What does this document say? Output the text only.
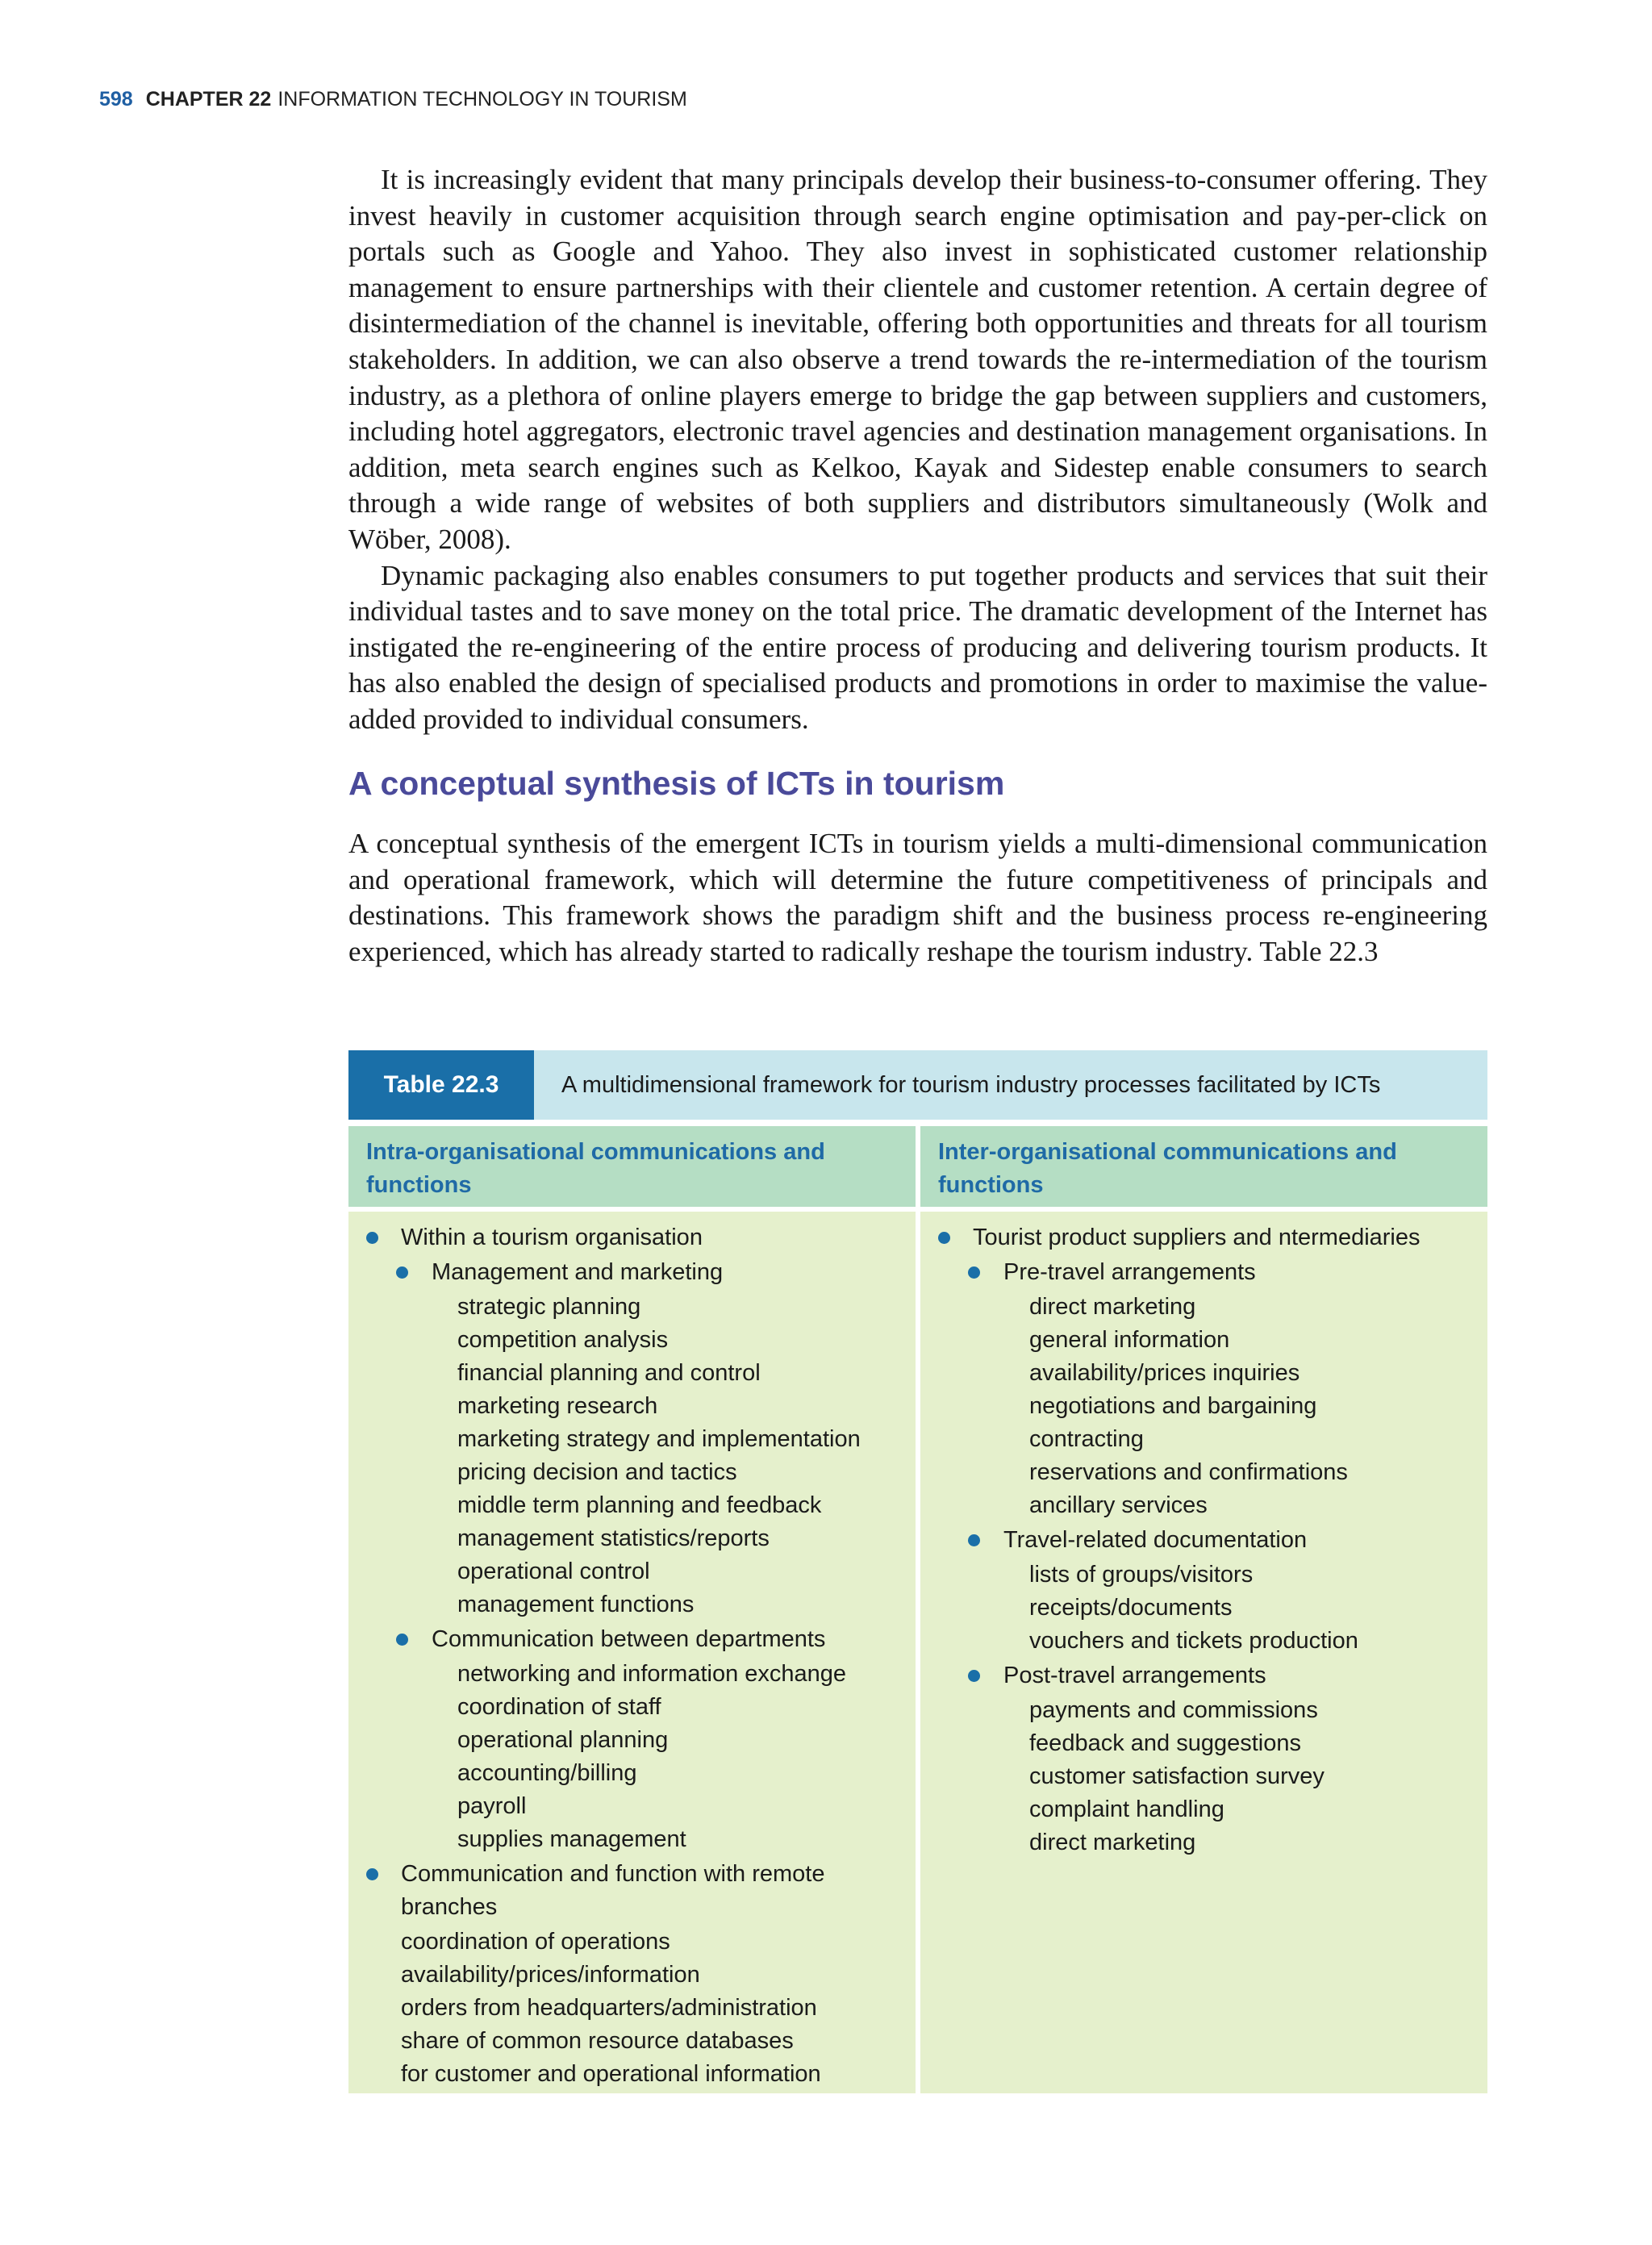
598 CHAPTER 22 INFORMATION TECHNOLOGY IN TOURISM

It is increasingly evident that many principals develop their business-to-consumer offering. They invest heavily in customer acquisition through search engine optimisation and pay-per-click on portals such as Google and Yahoo. They also invest in sophisticated customer relationship management to ensure partnerships with their clientele and customer retention. A certain degree of disintermediation of the channel is inevitable, offering both opportunities and threats for all tourism stakeholders. In addition, we can also observe a trend towards the re-intermediation of the tourism industry, as a plethora of online players emerge to bridge the gap between suppliers and customers, including hotel aggregators, electronic travel agencies and destination management organisations. In addition, meta search engines such as Kelkoo, Kayak and Sidestep enable consumers to search through a wide range of websites of both suppliers and distributors simultaneously (Wolk and Wöber, 2008).

Dynamic packaging also enables consumers to put together products and services that suit their individual tastes and to save money on the total price. The dramatic development of the Internet has instigated the re-engineering of the entire process of producing and delivering tourism products. It has also enabled the design of specialised products and promotions in order to maximise the value-added provided to individual consumers.

A conceptual synthesis of ICTs in tourism

A conceptual synthesis of the emergent ICTs in tourism yields a multi-dimensional communication and operational framework, which will determine the future competitiveness of principals and destinations. This framework shows the paradigm shift and the business process re-engineering experienced, which has already started to radically reshape the tourism industry. Table 22.3

Table 22.3	A multidimensional framework for tourism industry processes facilitated by ICTs
Intra-organisational communications and functions
Inter-organisational communications and functions
Within a tourism organisation
Management and marketing
strategic planning
competition analysis
financial planning and control
marketing research
marketing strategy and implementation
pricing decision and tactics
middle term planning and feedback
management statistics/reports
operational control
management functions
Communication between departments
networking and information exchange
coordination of staff
operational planning
accounting/billing
payroll
supplies management
Communication and function with remote branches
coordination of operations
availability/prices/information
orders from headquarters/administration
share of common resource databases
for customer and operational information
Tourist product suppliers and ntermediaries
Pre-travel arrangements
direct marketing
general information
availability/prices inquiries
negotiations and bargaining
contracting
reservations and confirmations
ancillary services
Travel-related documentation
lists of groups/visitors
receipts/documents
vouchers and tickets production
Post-travel arrangements
payments and commissions
feedback and suggestions
customer satisfaction survey
complaint handling
direct marketing
